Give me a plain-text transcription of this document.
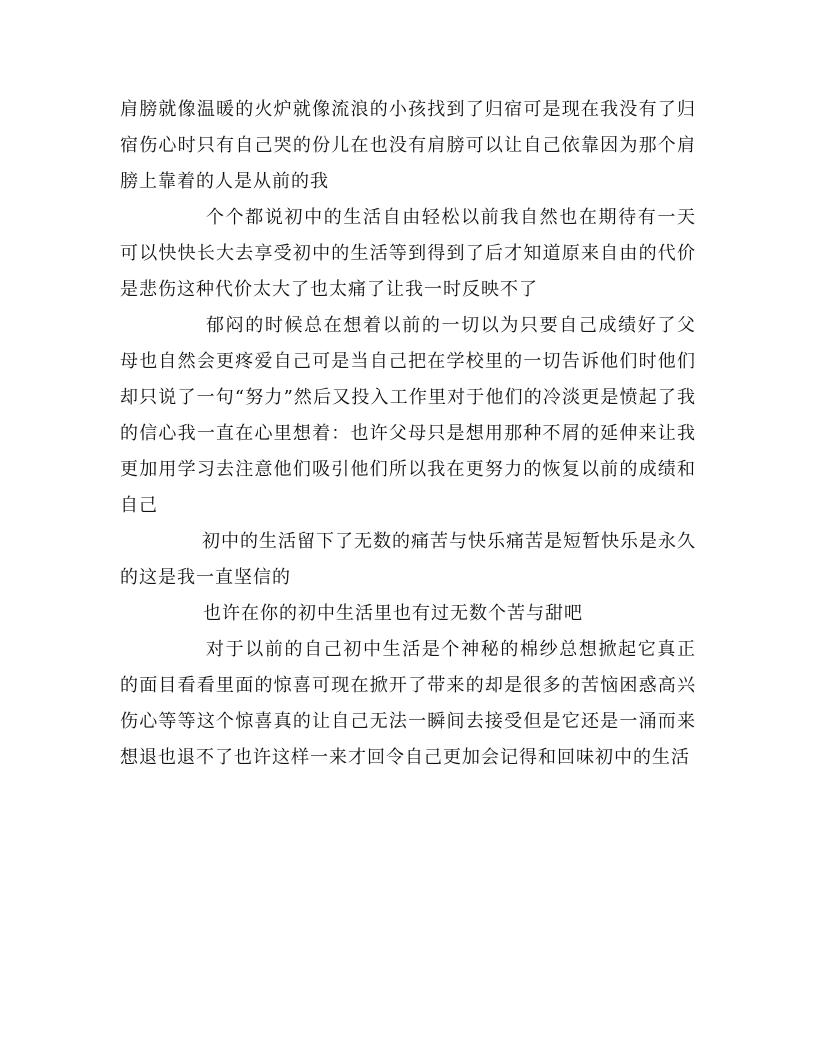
肩膀就像温暖的火炉就像流浪的小孩找到了归宿可是现在我没有了归宿伤心时只有自己哭的份儿在也没有肩膀可以让自己依靠因为那个肩膀上靠着的人是从前的我

个个都说初中的生活自由轻松以前我自然也在期待有一天可以快快长大去享受初中的生活等到得到了后才知道原来自由的代价是悲伤这种代价太大了也太痛了让我一时反映不了

郁闷的时候总在想着以前的一切以为只要自己成绩好了父母也自然会更疼爱自己可是当自己把在学校里的一切告诉他们时他们却只说了一句“努力”然后又投入工作里对于他们的冷淡更是愤起了我的信心我一直在心里想着：也许父母只是想用那种不屑的延伸来让我更加用学习去注意他们吸引他们所以我在更努力的恢复以前的成绩和自己

初中的生活留下了无数的痛苦与快乐痛苦是短暂快乐是永久的这是我一直坚信的

也许在你的初中生活里也有过无数个苦与甜吧

对于以前的自己初中生活是个神秘的棉纱总想掀起它真正的面目看看里面的惊喜可现在掀开了带来的却是很多的苦恼困惑高兴伤心等等这个惊喜真的让自己无法一瞬间去接受但是它还是一涌而来想退也退不了也许这样一来才回令自己更加会记得和回味初中的生活
